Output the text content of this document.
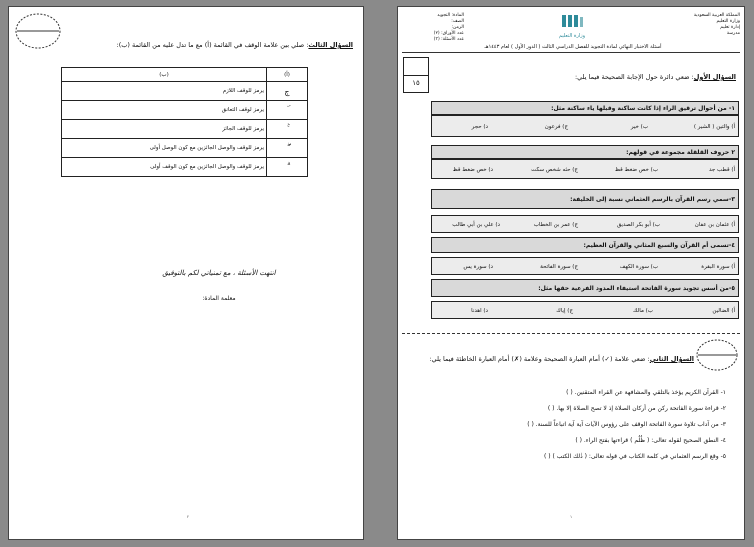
السؤال الثالث: صلي بين علامة الوقف في القائمة (أ) مع ما تدل عليه من القائمة (ب):
(أ)	(ب)
ﭲ	يرمز للوقف اللازم
	يرمز لوقف التعانق
	يرمز للوقف الجائز
	يرمز للوقف والوصل الجائزين مع كون الوصل أولى
	يرمز للوقف والوصل الجائزين مع كون الوقف أولى
انتهت الأسئلة ، مع تمنياتي لكم بالتوفيق
معلمة المادة:
٢
المملكة العربية السعودية
وزارة التعليم
إدارة تعليم
مدرسة
وزارة التعليم
المادة: التجويد
الصف:
الزمن:
عدد الأوراق: (٢)
عدد الأسئلة: (٣)
أسئلة الاختبار النهائي لمادة التجويد للفصل الدراسي الثالث ( الدور الأول ) لعام ١٤٤٣هـ
١٥
السؤال الأول: ضعي دائرة حول الإجابة الصحيحة فيما يلي:
١- من أحوال ترقيق الراء إذا كانت ساكنة وقبلها ياء ساكنة مثل:
أ) والتين ( الشير )
ب) خير
ج) فرعون
د) حجر
٢ حروف القلقلة مجموعة في قولهم:
أ) قطب جد
ب) خص ضغط قظ
ج) حثه شخص سكت
د) خص ضغط قظ
٣-سمي رسم القرآن بالرسم العثماني نسبة إلى الخليفة:
أ) عثمان بن عفان
ب) أبو بكر الصديق
ج) عمر بن الخطاب
د) علي بن أبي طالب
٤-تسمى أم القرآن والسبع المثاني والقرآن العظيم:
أ) سورة البقرة
ب) سورة الكهف
ج) سورة الفاتحة
د) سورة يس
٥-من أسس تجويد سورة الفاتحة استيفاء المدود الفرعية حقها مثل:
أ) الضالين
ب) مالك
ج) إياك
د) اهدنا
السؤال الثاني: ضعي علامة (✓) أمام العبارة الصحيحة وعلامة (✗) أمام العبارة الخاطئة فيما يلي:
١- القرآن الكريم يؤخذ بالتلقي والمشافهة عن القراء المتقنين. ( )
٢- قراءة سورة الفاتحة ركن من أركان الصلاة إذ لا تصح الصلاة إلا بها. ( )
٣- من آداب تلاوة سورة الفاتحة الوقف على رؤوس الآيات آية آية اتباعاً للسنة. ( )
٤- النطق الصحيح لقوله تعالى: ( ظُلُم ) قراءتها بفتح الراء. ( )
٥- وقع الرسم العثماني في كلمة الكتاب في قوله تعالى: ( ذٰلك الكتب ) ( )
١
